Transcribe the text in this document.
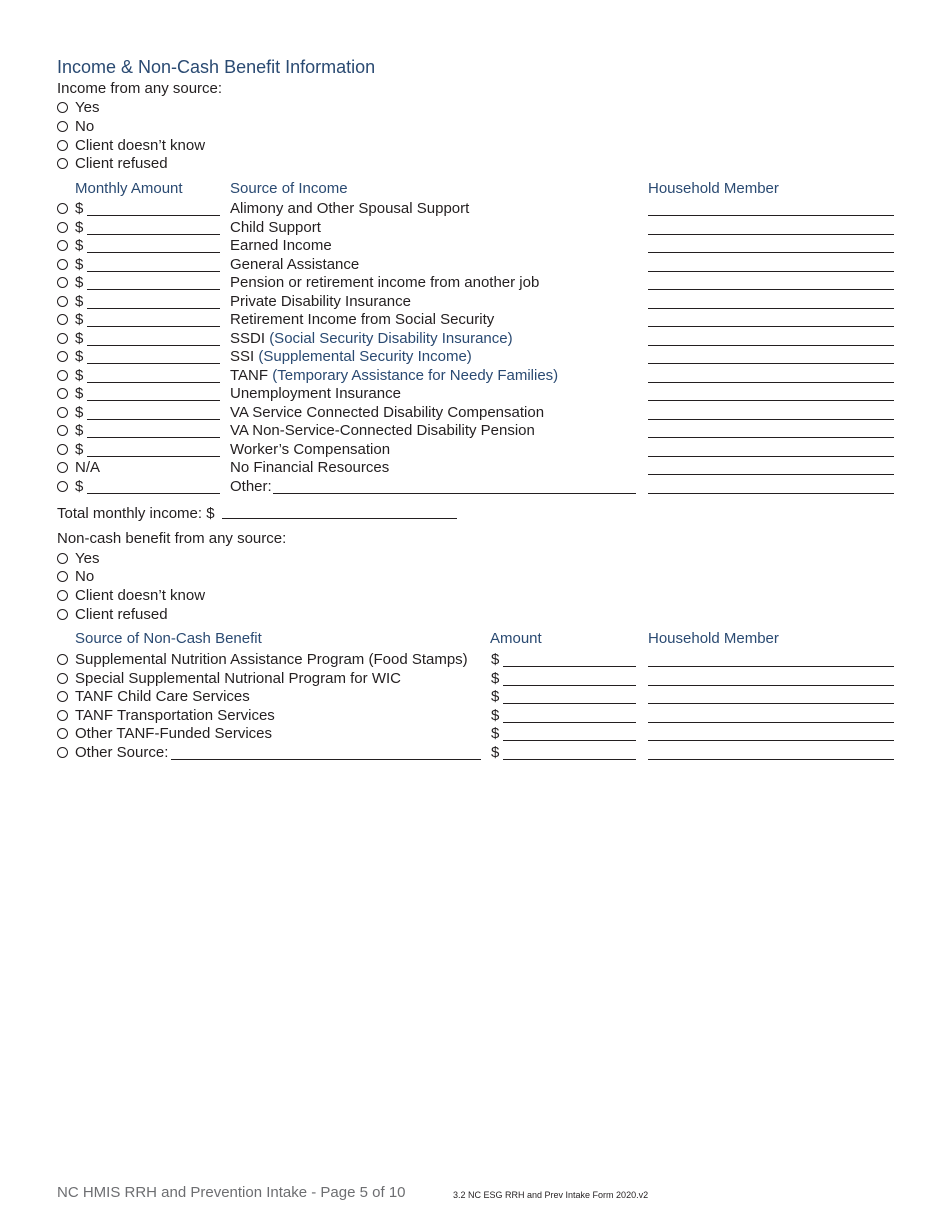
Income & Non-Cash Benefit Information
Income from any source:
Yes
No
Client doesn’t know
Client refused
Monthly Amount	Source of Income	Household Member
$	Alimony and Other Spousal Support
$	Child Support
$	Earned Income
$	General Assistance
$	Pension or retirement income from another job
$	Private Disability Insurance
$	Retirement Income from Social Security
$	SSDI (Social Security Disability Insurance)
$	SSI (Supplemental Security Income)
$	TANF (Temporary Assistance for Needy Families)
$	Unemployment Insurance
$	VA Service Connected Disability Compensation
$	VA Non-Service-Connected Disability Pension
$	Worker’s Compensation
N/A	No Financial Resources
$	Other:
Total monthly income: $
Non-cash benefit from any source:
Yes
No
Client doesn’t know
Client refused
Source of Non-Cash Benefit	Amount	Household Member
Supplemental Nutrition Assistance Program (Food Stamps) $
Special Supplemental Nutrional Program for WIC	$
TANF Child Care Services	$
TANF Transportation Services	$
Other TANF-Funded Services	$
Other Source:	$
NC HMIS RRH and Prevention Intake - Page 5 of 10	3.2 NC ESG RRH and Prev Intake Form 2020.v2
